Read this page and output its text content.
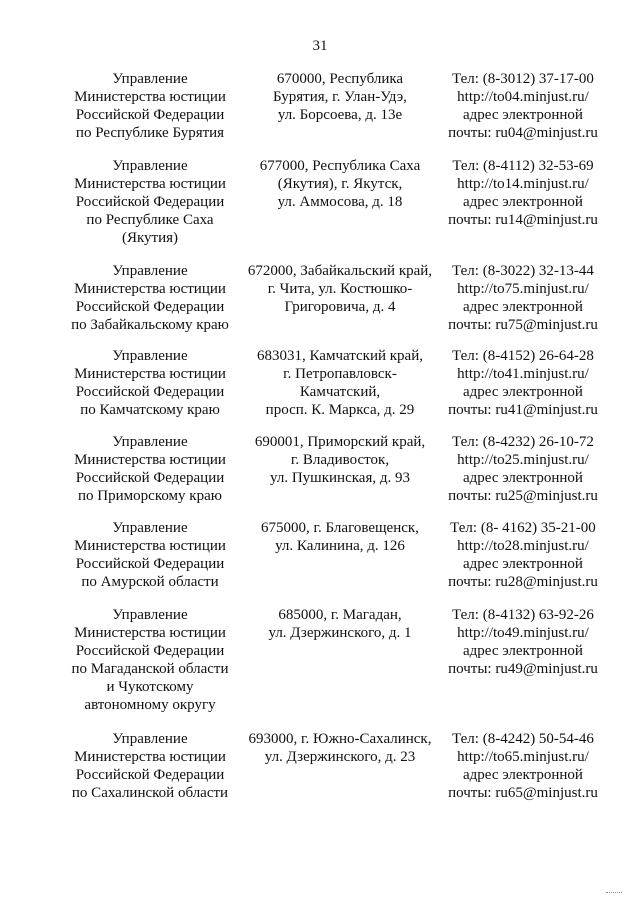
31
Управление
Министерства юстиции
Российской Федерации
по Республике Бурятия
670000, Республика
Бурятия, г. Улан-Удэ,
ул. Борсоева, д. 13е
Тел: (8-3012) 37-17-00
http://to04.minjust.ru/
адрес электронной
почты: ru04@minjust.ru
Управление
Министерства юстиции
Российской Федерации
по Республике Саха
(Якутия)
677000, Республика Саха
(Якутия), г. Якутск,
ул. Аммосова, д. 18
Тел: (8-4112) 32-53-69
http://to14.minjust.ru/
адрес электронной
почты: ru14@minjust.ru
Управление
Министерства юстиции
Российской Федерации
по Забайкальскому краю
672000, Забайкальский край,
г. Чита, ул. Костюшко-
Григоровича, д. 4
Тел: (8-3022) 32-13-44
http://to75.minjust.ru/
адрес электронной
почты: ru75@minjust.ru
Управление
Министерства юстиции
Российской Федерации
по Камчатскому краю
683031, Камчатский край,
г. Петропавловск-
Камчатский,
просп. К. Маркса, д. 29
Тел: (8-4152) 26-64-28
http://to41.minjust.ru/
адрес электронной
почты: ru41@minjust.ru
Управление
Министерства юстиции
Российской Федерации
по Приморскому краю
690001, Приморский край,
г. Владивосток,
ул. Пушкинская, д. 93
Тел: (8-4232) 26-10-72
http://to25.minjust.ru/
адрес электронной
почты: ru25@minjust.ru
Управление
Министерства юстиции
Российской Федерации
по Амурской области
675000, г. Благовещенск,
ул. Калинина, д. 126
Тел: (8- 4162) 35-21-00
http://to28.minjust.ru/
адрес электронной
почты: ru28@minjust.ru
Управление
Министерства юстиции
Российской Федерации
по Магаданской области
и Чукотскому
автономному округу
685000, г. Магадан,
ул. Дзержинского, д. 1
Тел: (8-4132) 63-92-26
http://to49.minjust.ru/
адрес электронной
почты: ru49@minjust.ru
Управление
Министерства юстиции
Российской Федерации
по Сахалинской области
693000, г. Южно-Сахалинск,
ул. Дзержинского, д. 23
Тел: (8-4242) 50-54-46
http://to65.minjust.ru/
адрес электронной
почты: ru65@minjust.ru
